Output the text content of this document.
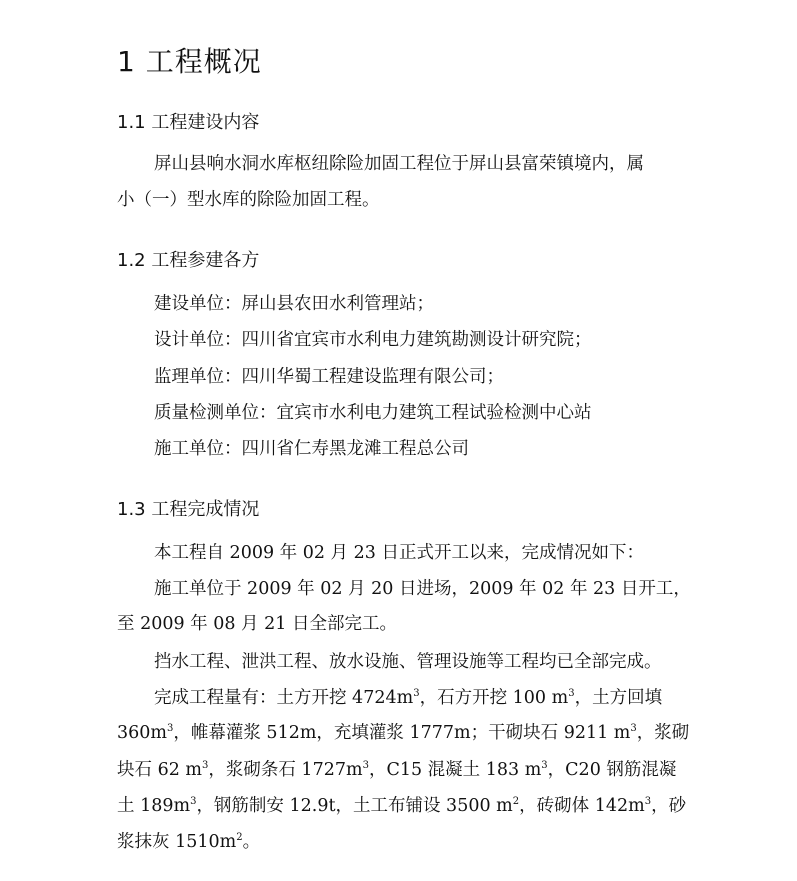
1 工程概况
1.1 工程建设内容
屏山县响水洞水库枢纽除险加固工程位于屏山县富荣镇境内，属
小（一）型水库的除险加固工程。
1.2 工程参建各方
建设单位：屏山县农田水利管理站；
设计单位：四川省宜宾市水利电力建筑勘测设计研究院；
监理单位：四川华蜀工程建设监理有限公司；
质量检测单位：宜宾市水利电力建筑工程试验检测中心站
施工单位：四川省仁寿黑龙滩工程总公司
1.3 工程完成情况
本工程自 2009 年 02 月 23 日正式开工以来，完成情况如下：
施工单位于 2009 年 02 月 20 日进场，2009 年 02 年 23 日开工，
至 2009 年 08 月 21 日全部完工。
挡水工程、泄洪工程、放水设施、管理设施等工程均已全部完成。
完成工程量有：土方开挖 $4724m^3$，石方开挖 100 $m^3$，土方回填
$360m^3$，帷幕灌浆 512m，充填灌浆 1777m；干砌块石 9211 $m^3$，浆砌
块石 62 $m^3$，浆砌条石 $1727m^3$，C15 混凝土 183 $m^3$，C20 钢筋混凝
土 $189m^3$，钢筋制安 12.9t，土工布铺设 3500 $m^2$，砖砌体 $142m^3$，砂
浆抹灰 $1510m^2$。
